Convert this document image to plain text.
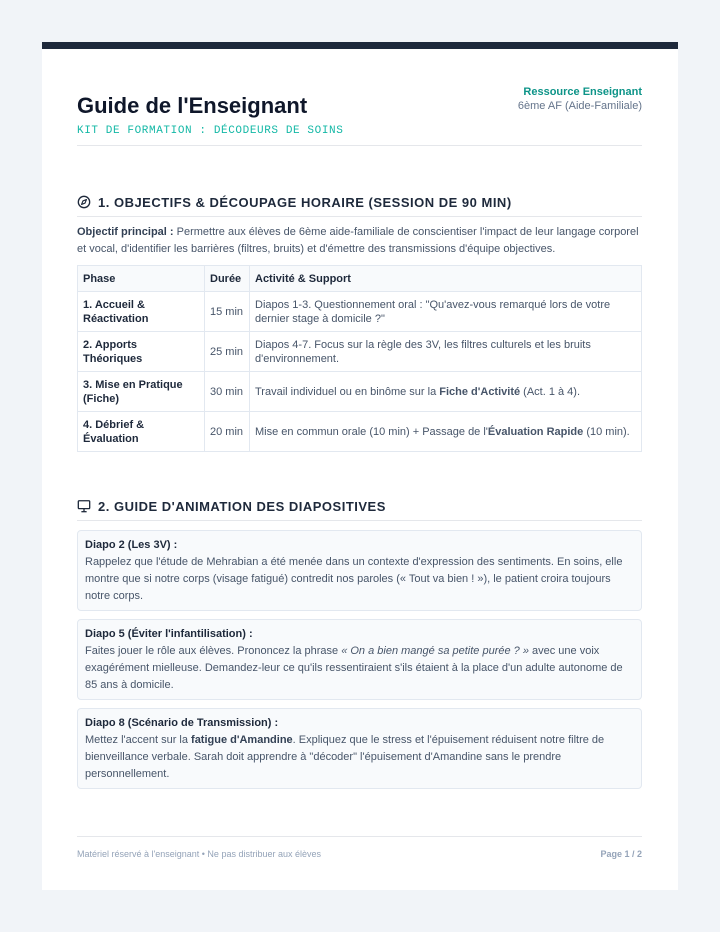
Guide de l'Enseignant
KIT DE FORMATION : DÉCODEURS DE SOINS
Ressource Enseignant
6ème AF (Aide-Familiale)
1. OBJECTIFS & DÉCOUPAGE HORAIRE (SESSION DE 90 MIN)
Objectif principal : Permettre aux élèves de 6ème aide-familiale de conscientiser l'impact de leur langage corporel et vocal, d'identifier les barrières (filtres, bruits) et d'émettre des transmissions d'équipe objectives.
Phase	Durée	Activité & Support
1. Accueil & Réactivation	15 min	Diapos 1-3. Questionnement oral : "Qu'avez-vous remarqué lors de votre dernier stage à domicile ?"
2. Apports Théoriques	25 min	Diapos 4-7. Focus sur la règle des 3V, les filtres culturels et les bruits d'environnement.
3. Mise en Pratique (Fiche)	30 min	Travail individuel ou en binôme sur la Fiche d'Activité (Act. 1 à 4).
4. Débrief & Évaluation	20 min	Mise en commun orale (10 min) + Passage de l'Évaluation Rapide (10 min).
2. GUIDE D'ANIMATION DES DIAPOSITIVES
Diapo 2 (Les 3V) :
Rappelez que l'étude de Mehrabian a été menée dans un contexte d'expression des sentiments. En soins, elle montre que si notre corps (visage fatigué) contredit nos paroles (« Tout va bien ! »), le patient croira toujours notre corps.
Diapo 5 (Éviter l'infantilisation) :
Faites jouer le rôle aux élèves. Prononcez la phrase « On a bien mangé sa petite purée ? » avec une voix exagérément mielleuse. Demandez-leur ce qu'ils ressentiraient s'ils étaient à la place d'un adulte autonome de 85 ans à domicile.
Diapo 8 (Scénario de Transmission) :
Mettez l'accent sur la fatigue d'Amandine. Expliquez que le stress et l'épuisement réduisent notre filtre de bienveillance verbale. Sarah doit apprendre à "décoder" l'épuisement d'Amandine sans le prendre personnellement.
Matériel réservé à l'enseignant • Ne pas distribuer aux élèves	Page 1 / 2
